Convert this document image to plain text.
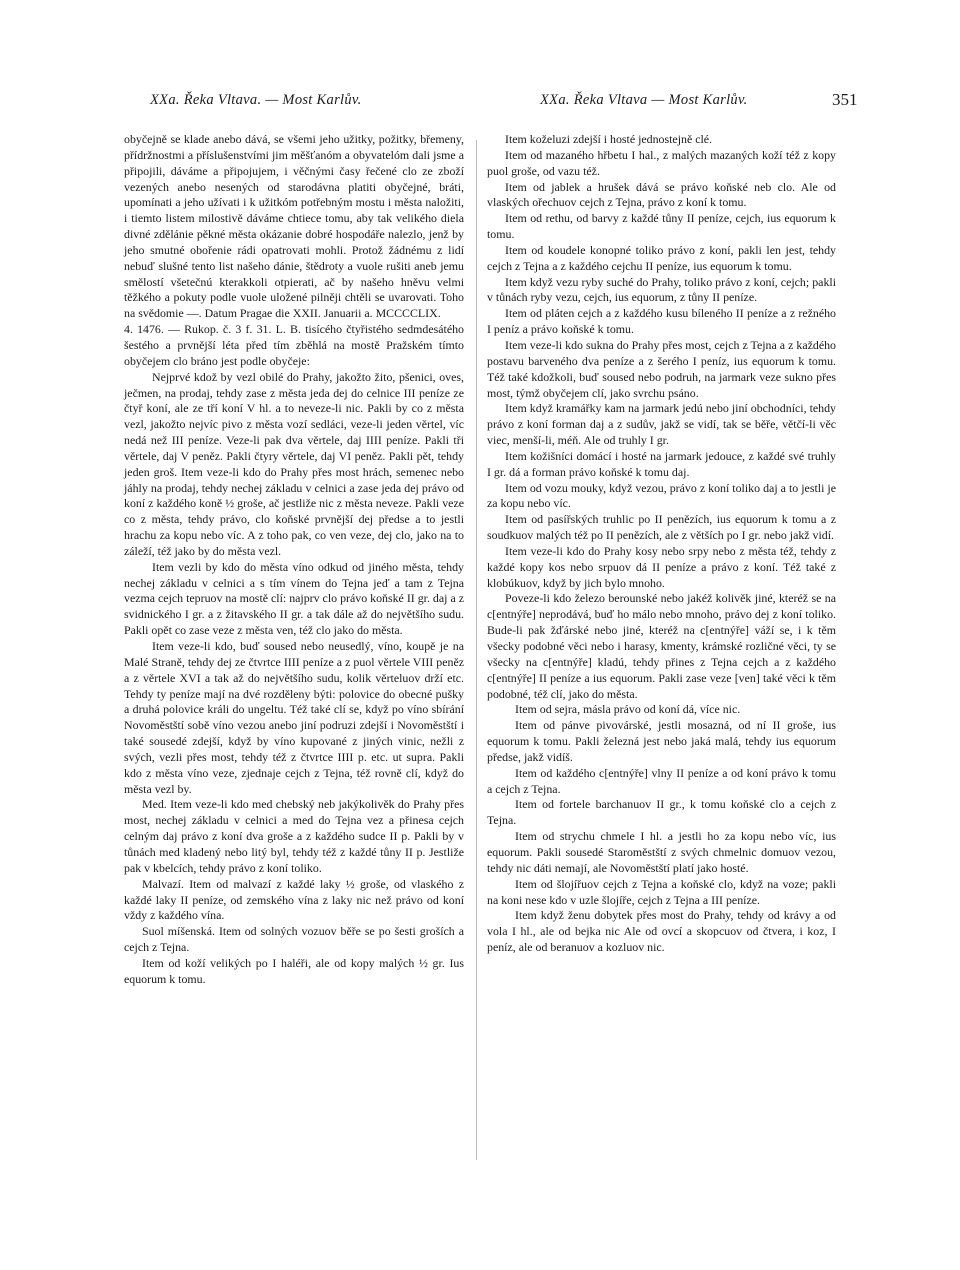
XXa. Řeka Vltava. — Most Karlův.	XXa. Řeka Vltava — Most Karlův.	351

obyčejně se klade anebo dává, se všemi jeho užitky, požitky, břemeny, přídržnostmi a příslušenstvími jim měšťanóm a obyvatelóm dali jsme a připojili, dáváme a připojujem, i věčnými časy řečené clo ze zboží vezených anebo nesených od starodávna platiti obyčejné, bráti, upomínati a jeho užívati i k užitkóm potřebným mostu i města naložiti, i tiemto listem milostivě dáváme chtiece tomu, aby tak velikého diela divné zdělánie pěkné města okázanie dobré hospodáře nalezlo, jenž by jeho smutné obořenie rádi opatrovati mohli. Protož žádnému z lidí nebuď slušné tento list našeho dánie, štědroty a vuole rušiti aneb jemu smělostí všetečnú kterakkoli otpierati, ač by našeho hněvu velmi těžkého a pokuty podle vuole uložené pilněji chtěli se uvarovati. Toho na svědomie —. Datum Pragae die XXII. Januarii a. MCCCCLIX.

4. 1476. — Rukop. č. 3 f. 31. L. B. tisícého čtyřistého sedmdesátého šestého a prvnější léta před tím zběhlá na mostě Pražském tímto obyčejem clo bráno jest podle obyčeje:

Nejprvé kdož by vezl obilé do Prahy, jakožto žito, pšenici, oves, ječmen, na prodaj, tehdy zase z města jeda dej do celnice III peníze ze čtyř koní, ale ze tří koní V hl. a to neveze-li nic. Pakli by co z města vezl, jakožto nejvíc pivo z města vozí sedláci, veze-li jeden věrtel, víc nedá než III peníze. Veze-li pak dva věrtele, daj IIII peníze. Pakli tři věrtele, daj V peněz. Pakli čtyry věrtele, daj VI peněz. Pakli pět, tehdy jeden groš. Item veze-li kdo do Prahy přes most hrách, semenec nebo jáhly na prodaj, tehdy nechej základu v celnici a zase jeda dej právo od koní z každého koně ½ groše, ač jestliže nic z města neveze. Pakli veze co z města, tehdy právo, clo koňské prvnější dej předse a to jestli hrachu za kopu nebo víc. A z toho pak, co ven veze, dej clo, jako na to záleží, též jako by do města vezl.

Item vezli by kdo do města víno odkud od jiného města, tehdy nechej základu v celnici a s tím vínem do Tejna jeď a tam z Tejna vezma cejch tepruov na mostě clí: najprv clo právo koňské II gr. daj a z svidnického I gr. a z žitavského II gr. a tak dále až do největšího sudu. Pakli opět co zase veze z města ven, též clo jako do města.

Item veze-li kdo, buď soused nebo neusedlý, víno, koupě je na Malé Straně, tehdy dej ze čtvrtce IIII peníze a z puol věrtele VIII peněz a z věrtele XVI a tak až do největšího sudu, kolik věrteluov drží etc. Tehdy ty peníze mají na dvé rozděleny býti: polovice do obecné pušky a druhá polovice králi do ungeltu. Též také clí se, když po víno sbírání Novoměstští sobě víno vezou anebo jiní podruzi zdejší i Novoměstští i také sousedé zdejší, když by víno kupované z jiných vinic, nežli z svých, vezli přes most, tehdy též z čtvrtce IIII p. etc. ut supra. Pakli kdo z města víno veze, zjednaje cejch z Tejna, též rovně clí, když do města vezl by.

Med. Item veze-li kdo med chebský neb jakýkolivěk do Prahy přes most, nechej základu v celnici a med do Tejna vez a přinesa cejch celným daj právo z koní dva groše a z každého sudce II p. Pakli by v tůnách med kladený nebo litý byl, tehdy též z každé tůny II p. Jestliže pak v kbelcích, tehdy právo z koní toliko.

Malvazí. Item od malvazí z každé laky ½ groše, od vlaského z každé laky II peníze, od zemského vína z laky nic než právo od koní vždy z každého vína.

Suol míšenská. Item od solných vozuov běře se po šesti groších a cejch z Tejna.

Item od koží velikých po I haléři, ale od kopy malých ½ gr. Ius equorum k tomu.

Item koželuzi zdejší i hosté jednostejně clé.

Item od mazaného hřbetu I hal., z malých mazaných koží též z kopy puol groše, od vazu též.

Item od jablek a hrušek dává se právo koňské neb clo. Ale od vlaských ořechuov cejch z Tejna, právo z koní k tomu.

Item od rethu, od barvy z každé tůny II peníze, cejch, ius equorum k tomu.

Item od koudele konopné toliko právo z koní, pakli len jest, tehdy cejch z Tejna a z každého cejchu II peníze, ius equorum k tomu.

Item když vezu ryby suché do Prahy, toliko právo z koní, cejch; pakli v tůnách ryby vezu, cejch, ius equorum, z tůny II peníze.

Item od pláten cejch a z každého kusu bíleného II peníze a z režného I peníz a právo koňské k tomu.

Item veze-li kdo sukna do Prahy přes most, cejch z Tejna a z každého postavu barveného dva peníze a z šerého I peníz, ius equorum k tomu. Též také kdožkoli, buď soused nebo podruh, na jarmark veze sukno přes most, týmž obyčejem clí, jako svrchu psáno.

Item když kramářky kam na jarmark jedú nebo jiní obchodníci, tehdy právo z koní forman daj a z sudův, jakž se vidí, tak se běře, větčí-li věc viec, menší-li, méň. Ale od truhly I gr.

Item kožišníci domácí i hosté na jarmark jedouce, z každé své truhly I gr. dá a forman právo koňské k tomu daj.

Item od vozu mouky, když vezou, právo z koní toliko daj a to jestli je za kopu nebo víc.

Item od pasířských truhlic po II penězích, ius equorum k tomu a z soudkuov malých též po II penězích, ale z větších po I gr. nebo jakž vidí.

Item veze-li kdo do Prahy kosy nebo srpy nebo z města též, tehdy z každé kopy kos nebo srpuov dá II peníze a právo z koní. Též také z klobúkuov, když by jich bylo mnoho.

Poveze-li kdo železo berounské nebo jakéž kolivěk jiné, kteréž se na c[entnýře] neprodává, buď ho málo nebo mnoho, právo dej z koní toliko. Bude-li pak žďárské nebo jiné, kteréž na c[entnýře] váží se, i k těm všecky podobné věci nebo i harasy, kmenty, krámské rozličné věci, ty se všecky na c[entnýře] kladú, tehdy přines z Tejna cejch a z každého c[entnýře] II peníze a ius equorum. Pakli zase veze [ven] také věci k těm podobné, též clí, jako do města.

Item od sejra, másla právo od koní dá, více nic.

Item od pánve pivovárské, jestli mosazná, od ní II groše, ius equorum k tomu. Pakli železná jest nebo jaká malá, tehdy ius equorum předse, jakž vidíš.

Item od každého c[entnýře] vlny II peníze a od koní právo k tomu a cejch z Tejna.

Item od fortele barchanuov II gr., k tomu koňské clo a cejch z Tejna.

Item od strychu chmele I hl. a jestli ho za kopu nebo víc, ius equorum. Pakli sousedé Staroměstští z svých chmelnic domuov vezou, tehdy nic dáti nemají, ale Novoměstští platí jako hosté.

Item od šlojířuov cejch z Tejna a koňské clo, když na voze; pakli na koni nese kdo v uzle šlojíře, cejch z Tejna a III peníze.

Item když ženu dobytek přes most do Prahy, tehdy od krávy a od vola I hl., ale od bejka nic Ale od ovcí a skopcuov od čtvera, i koz, I peníz, ale od beranuov a kozluov nic.
